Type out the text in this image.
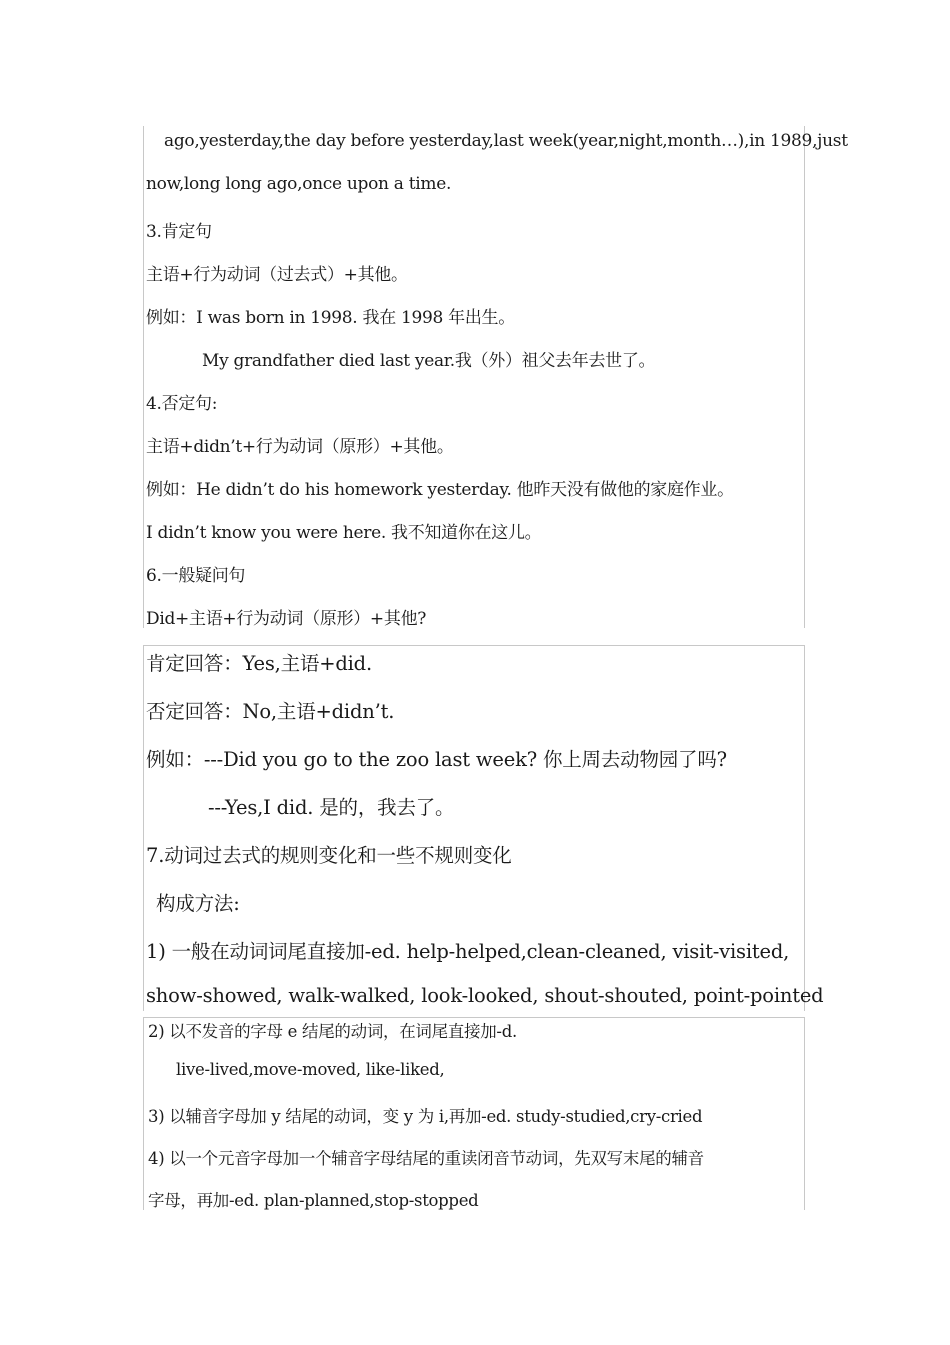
ago,yesterday,the day before yesterday,last week(year,night,month…),in 1989,just
now,long long ago,once upon a time.
3.肯定句
主语+行为动词（过去式）+其他。
例如：I was born in 1998. 我在 1998 年出生。
My grandfather died last year.我（外）祖父去年去世了。
4.否定句:
主语+didn’t+行为动词（原形）+其他。
例如：He didn’t do his homework yesterday. 他昨天没有做他的家庭作业。
I didn’t know you were here. 我不知道你在这儿。
6.一般疑问句
Did+主语+行为动词（原形）+其他?
肯定回答：Yes,主语+did.
否定回答：No,主语+didn’t.
例如：---Did you go to the zoo last week? 你上周去动物园了吗?
---Yes,I did. 是的，我去了。
7.动词过去式的规则变化和一些不规则变化
构成方法:
1) 一般在动词词尾直接加-ed. help-helped,clean-cleaned, visit-visited,
show-showed, walk-walked, look-looked, shout-shouted, point-pointed
2) 以不发音的字母 e 结尾的动词，在词尾直接加-d.
live-lived,move-moved, like-liked,
3) 以辅音字母加 y 结尾的动词，变 y 为 i,再加-ed. study-studied,cry-cried
4) 以一个元音字母加一个辅音字母结尾的重读闭音节动词，先双写末尾的辅音
字母，再加-ed. plan-planned,stop-stopped
